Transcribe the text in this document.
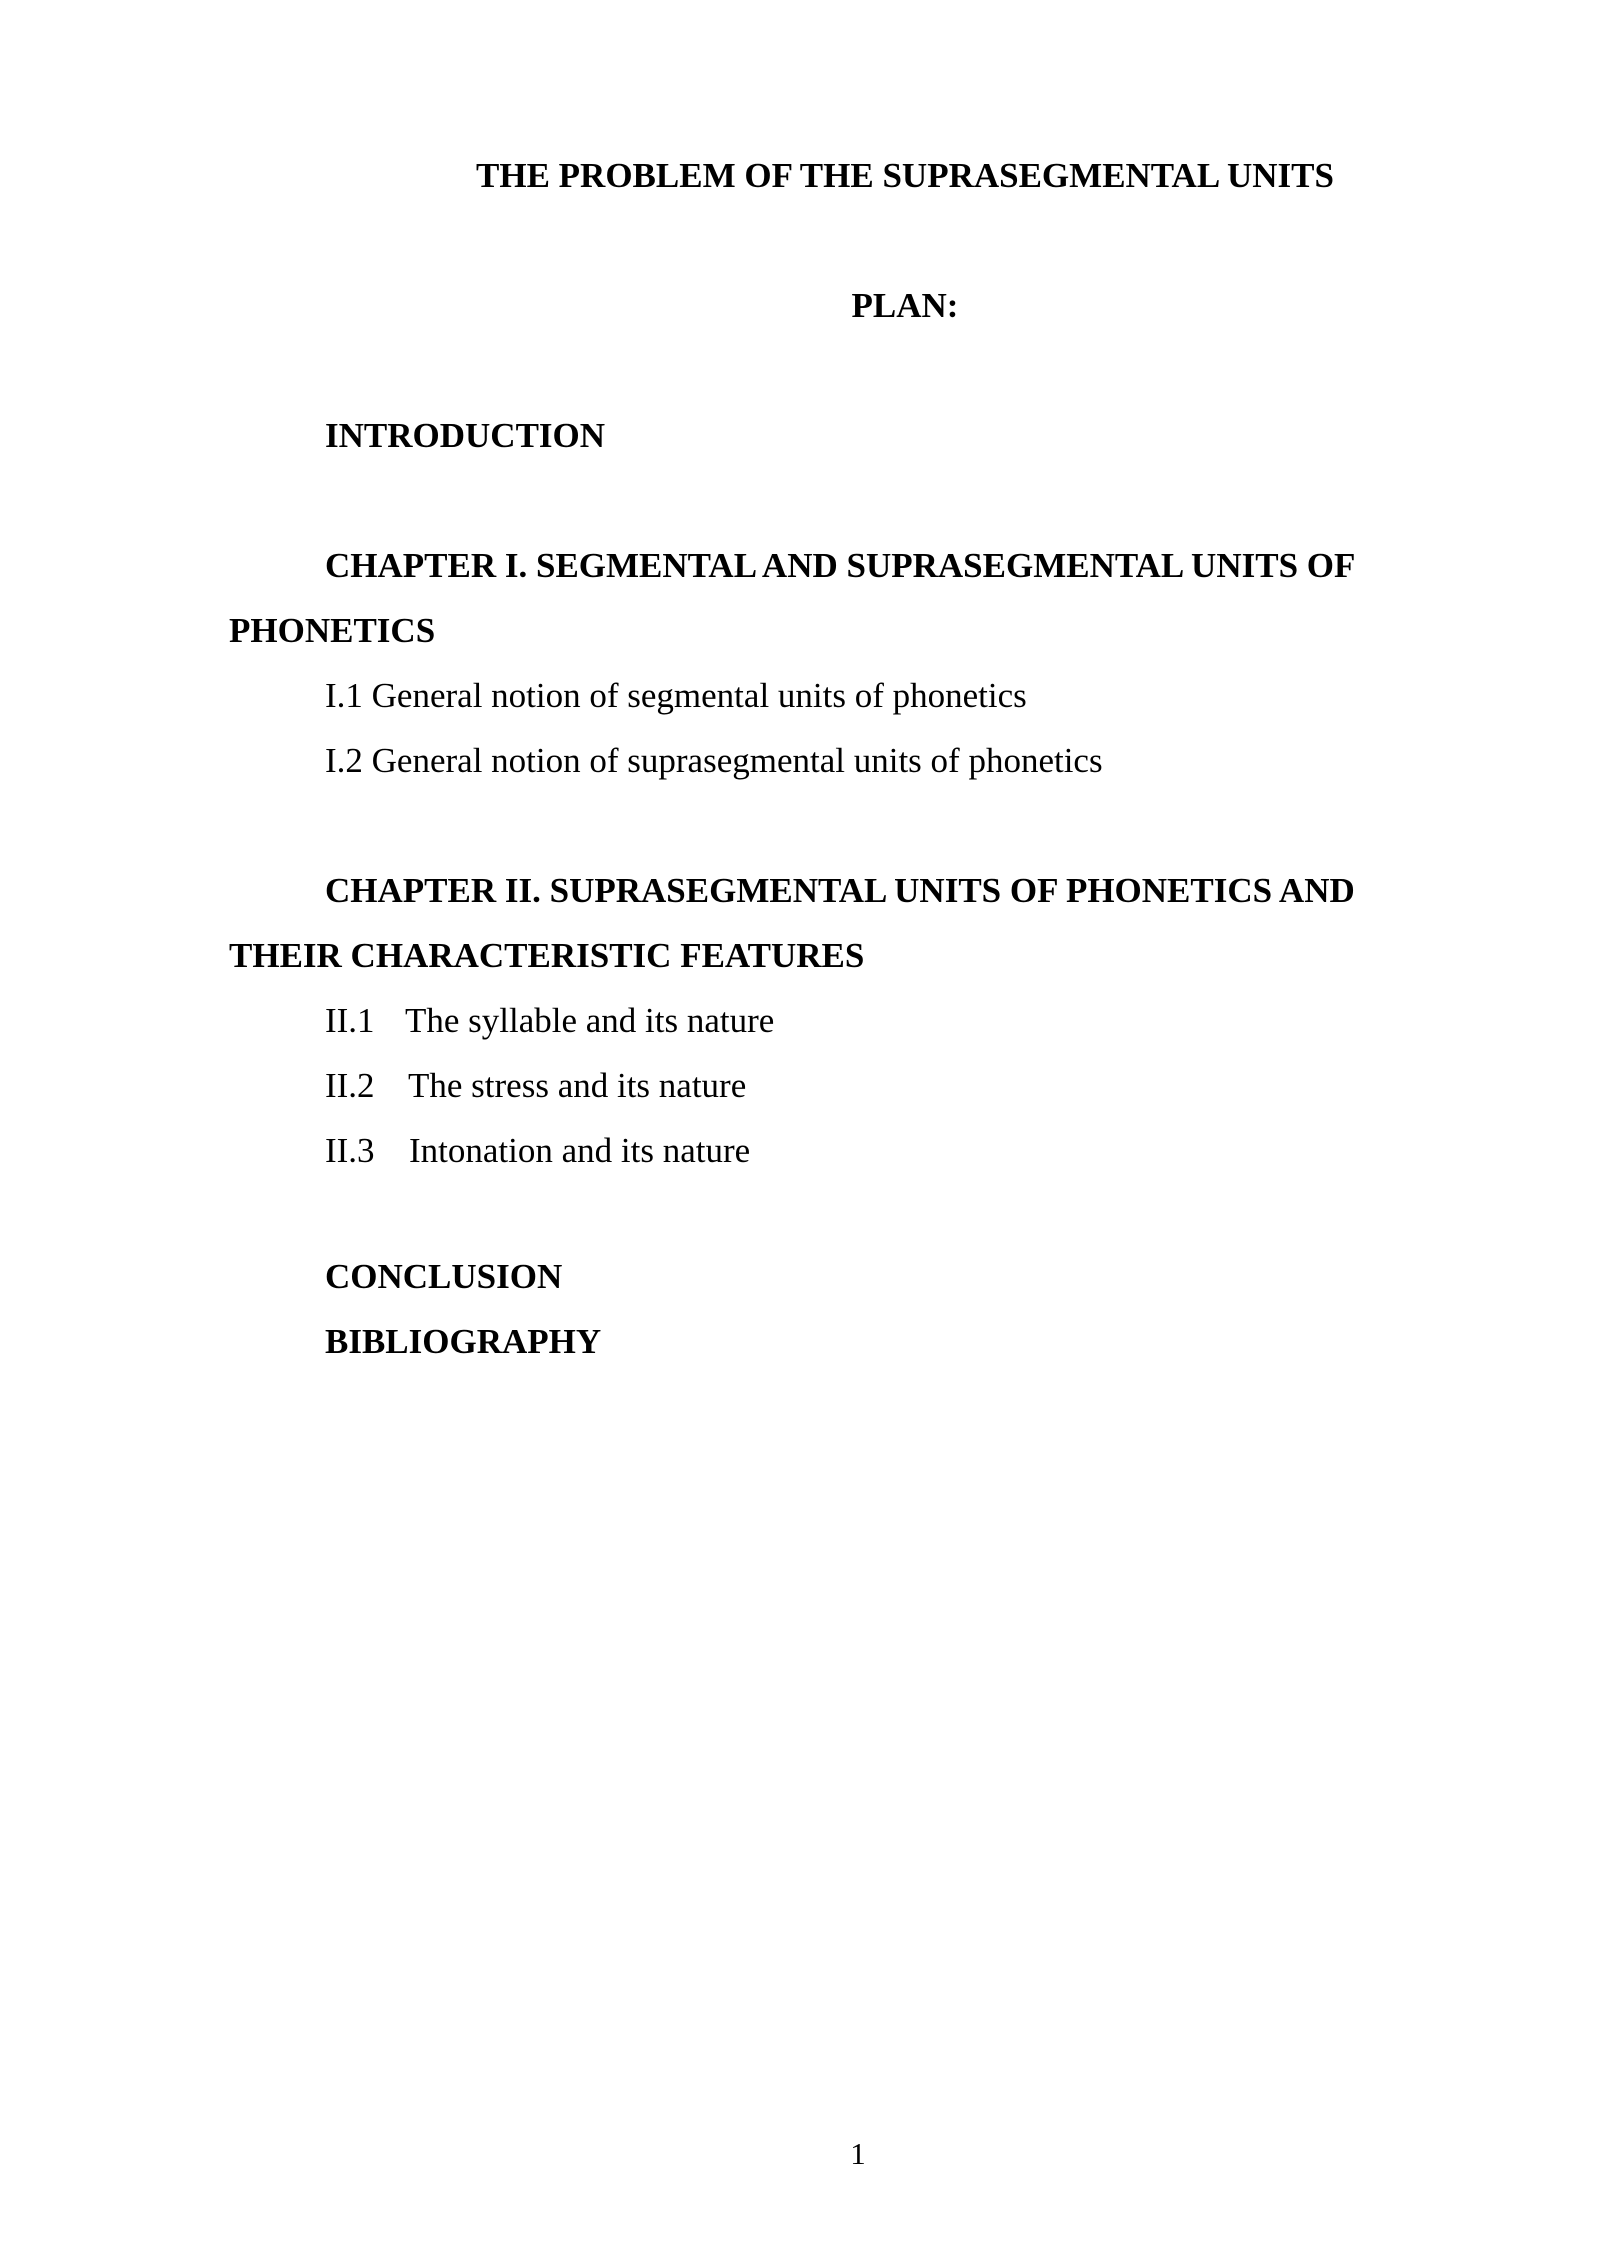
THE PROBLEM OF THE SUPRASEGMENTAL UNITS
PLAN:
INTRODUCTION
CHAPTER I. SEGMENTAL AND SUPRASEGMENTAL UNITS OF
PHONETICS
I.1 General notion of segmental units of phonetics
I.2 General notion of suprasegmental units of phonetics
CHAPTER II. SUPRASEGMENTAL UNITS OF PHONETICS AND
THEIR CHARACTERISTIC FEATURES
II.1 The syllable and its nature
II.2 The stress and its nature
II.3 Intonation and its nature
CONCLUSION
BIBLIOGRAPHY
1
